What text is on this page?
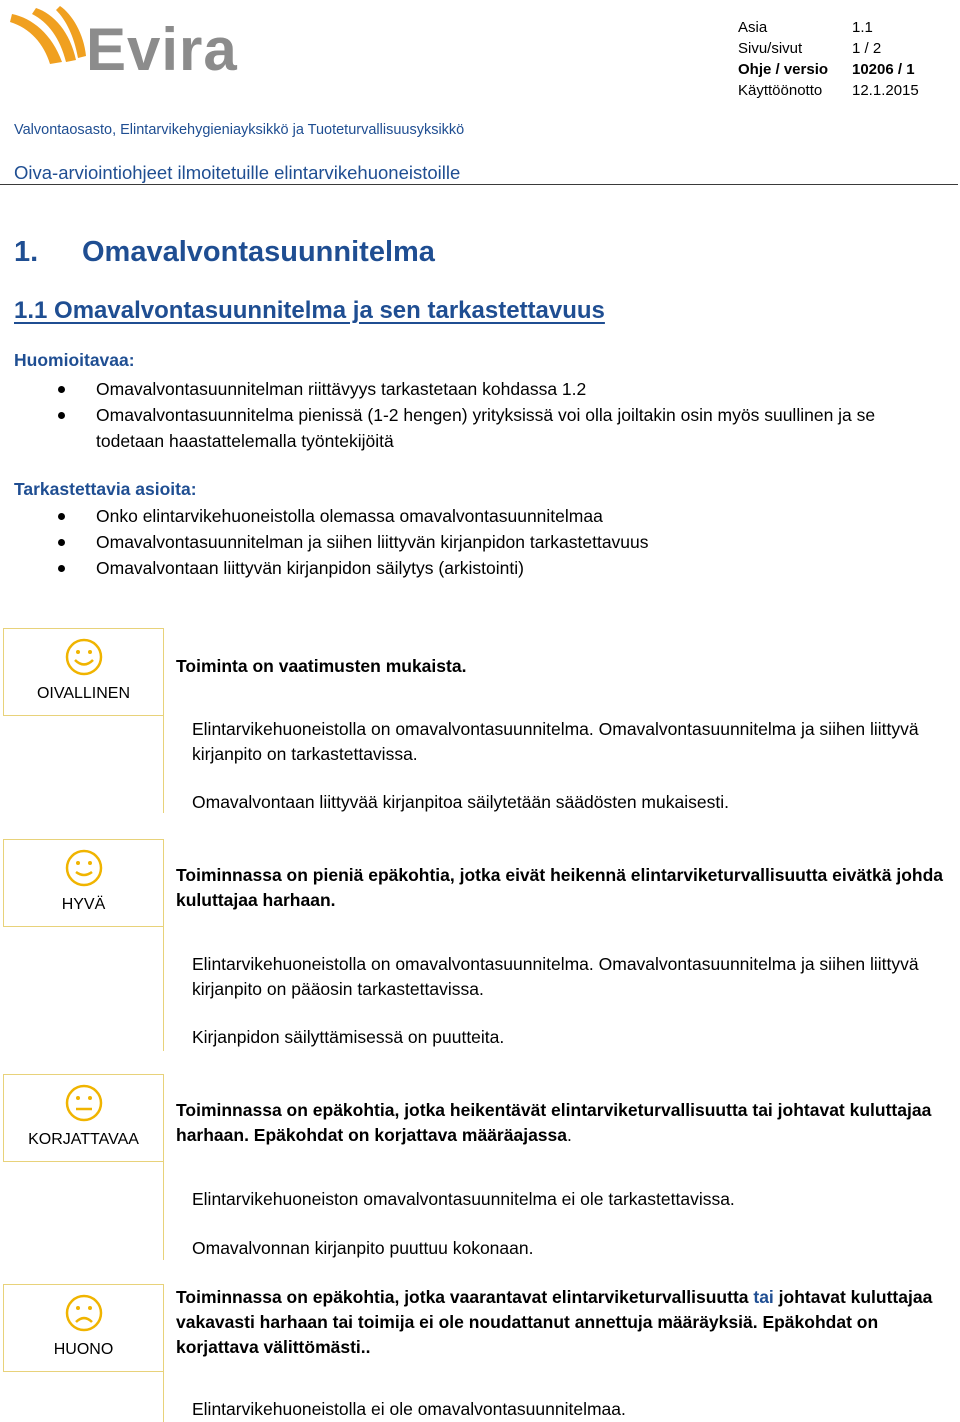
Evira	Asia	1.1
Sivu/sivut	1 / 2
Ohje / versio	10206 / 1
Käyttöönotto	12.1.2015
Valvontaosasto, Elintarvikehygieniayksikkö ja Tuoteturvallisuusyksikkö
Oiva-arviointiohjeet ilmoitetuille elintarvikehuoneistoille
1. Omavalvontasuunnitelma
1.1 Omavalvontasuunnitelma ja sen tarkastettavuus
Huomioitavaa:
Omavalvontasuunnitelman riittävyys tarkastetaan kohdassa 1.2
Omavalvontasuunnitelma pienissä (1-2 hengen) yrityksissä voi olla joiltakin osin myös suullinen ja se todetaan haastattelemalla työntekijöitä
Tarkastettavia asioita:
Onko elintarvikehuoneistolla olemassa omavalvontasuunnitelmaa
Omavalvontasuunnitelman ja siihen liittyvän kirjanpidon tarkastettavuus
Omavalvontaan liittyvän kirjanpidon säilytys (arkistointi)
OIVALLINEN
Toiminta on vaatimusten mukaista.
Elintarvikehuoneistolla on omavalvontasuunnitelma. Omavalvontasuunnitelma ja siihen liittyvä kirjanpito on tarkastettavissa.
Omavalvontaan liittyvää kirjanpitoa säilytetään säädösten mukaisesti.
HYVÄ
Toiminnassa on pieniä epäkohtia, jotka eivät heikennä elintarviketurvallisuutta eivätkä johda kuluttajaa harhaan.
Elintarvikehuoneistolla on omavalvontasuunnitelma. Omavalvontasuunnitelma ja siihen liittyvä kirjanpito on pääosin tarkastettavissa.
Kirjanpidon säilyttämisessä on puutteita.
KORJATTAVAA
Toiminnassa on epäkohtia, jotka heikentävät elintarviketurvallisuutta tai johtavat kuluttajaa harhaan. Epäkohdat on korjattava määräajassa.
Elintarvikehuoneiston omavalvontasuunnitelma ei ole tarkastettavissa.
Omavalvonnan kirjanpito puuttuu kokonaan.
HUONO
Toiminnassa on epäkohtia, jotka vaarantavat elintarviketurvallisuutta tai johtavat kuluttajaa vakavasti harhaan tai toimija ei ole noudattanut annettuja määräyksiä. Epäkohdat on korjattava välittömästi..
Elintarvikehuoneistolla ei ole omavalvontasuunnitelmaa.
